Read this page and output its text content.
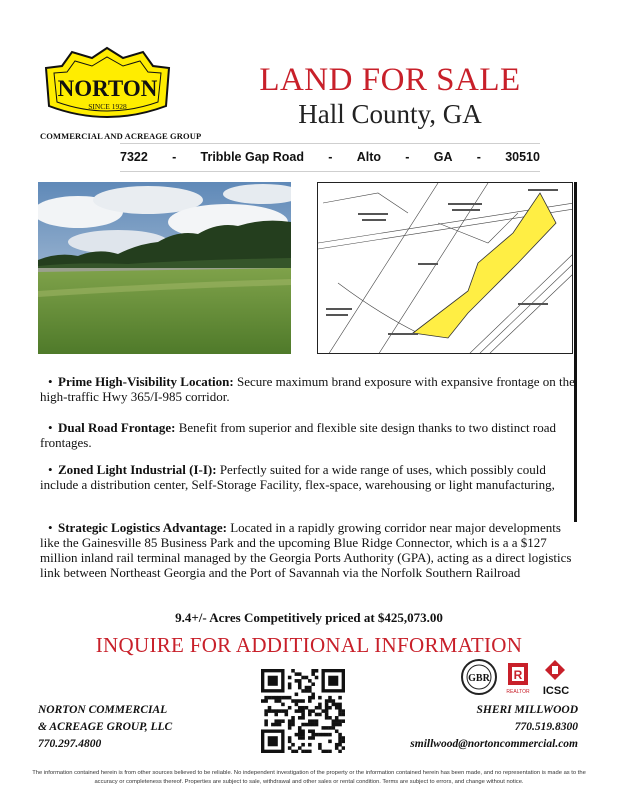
NORTON
SINCE 1928
COMMERCIAL AND ACREAGE GROUP
LAND FOR SALE
Hall County, GA
7322 - Tribble Gap Road - Alto - GA - 30510
• Prime High-Visibility Location: Secure maximum brand exposure with expansive frontage on the high-traffic Hwy 365/I-985 corridor.
• Dual Road Frontage: Benefit from superior and flexible site design thanks to two distinct road frontages.
• Zoned Light Industrial (I-I): Perfectly suited for a wide range of uses, which possibly could include a distribution center, Self-Storage Facility, flex-space, warehousing or light manufacturing,
• Strategic Logistics Advantage: Located in a rapidly growing corridor near major developments like the Gainesville 85 Business Park and the upcoming Blue Ridge Connector, which is a a $127 million inland rail terminal managed by the Georgia Ports Authority (GPA), acting as a direct logistics link between Northeast Georgia and the Port of Savannah via the Norfolk Southern Railroad
9.4+/- Acres Competitively priced at $425,073.00
INQUIRE FOR ADDITIONAL INFORMATION
NORTON COMMERCIAL
& ACREAGE GROUP, LLC
770.297.4800
SHERI MILLWOOD
770.519.8300
smillwood@nortoncommercial.com
GBR R
REALTOR ICSC
The information contained herein is from other sources believed to be reliable. No independent investigation of the property or the information contained herein has been made, and no representation is made as to the
accuracy or completeness thereof. Properties are subject to sale, withdrawal and other sales or rental condition. Terms are subject to errors, and change without notice.
